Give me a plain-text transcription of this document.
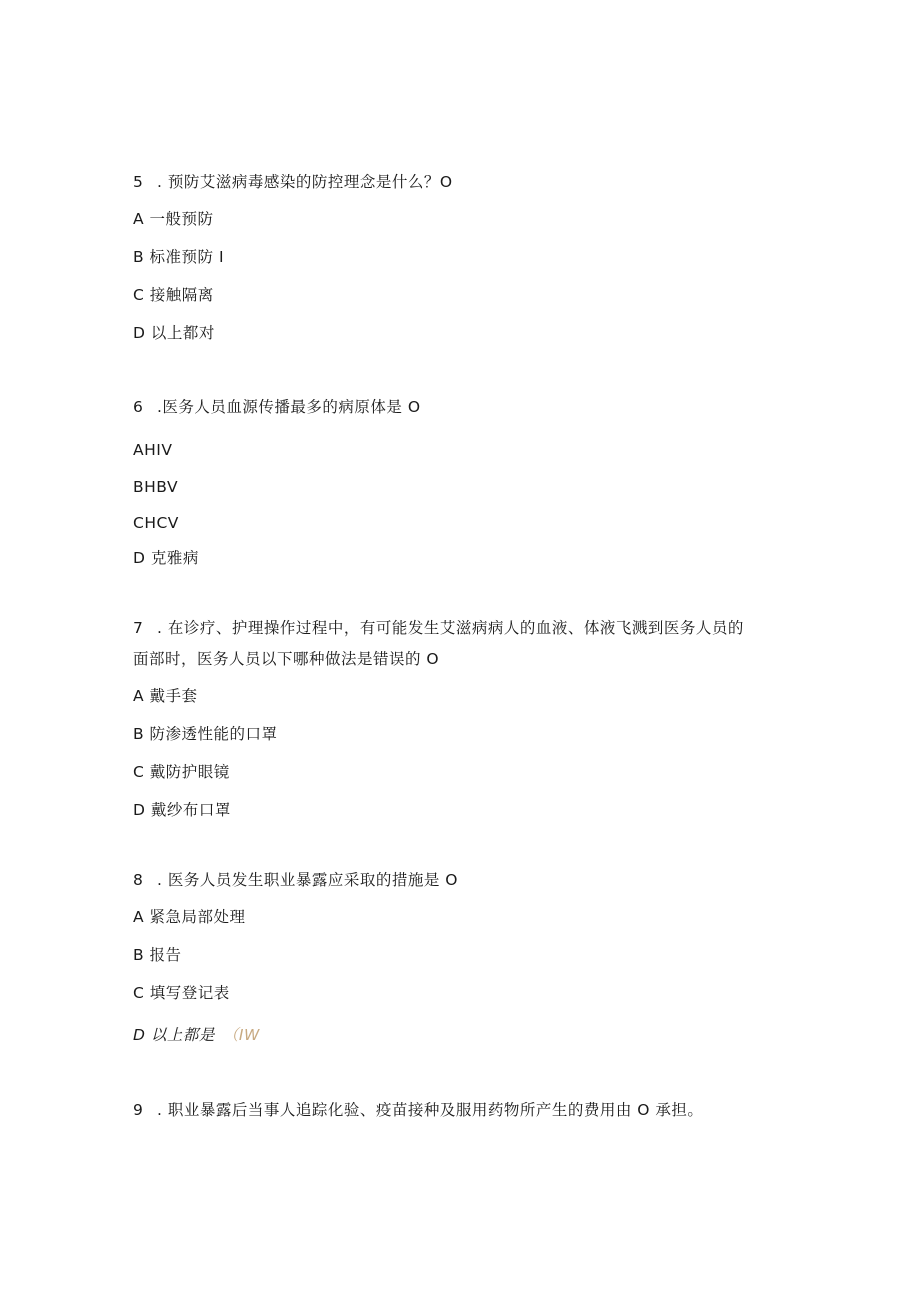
5 . 预防艾滋病毒感染的防控理念是什么？O
A 一般预防
B 标准预防 I
C 接触隔离
D 以上都对
6 .医务人员血源传播最多的病原体是 O
AHIV
BHBV
CHCV
D 克雅病
7 . 在诊疗、护理操作过程中，有可能发生艾滋病病人的血液、体液飞溅到医务人员的
面部时，医务人员以下哪种做法是错误的 O
A 戴手套
B 防渗透性能的口罩
C 戴防护眼镜
D 戴纱布口罩
8 . 医务人员发生职业暴露应采取的措施是 O
A 紧急局部处理
B 报告
C 填写登记表
D 以上都是 （IW
9 . 职业暴露后当事人追踪化验、疫苗接种及服用药物所产生的费用由 O 承担。
